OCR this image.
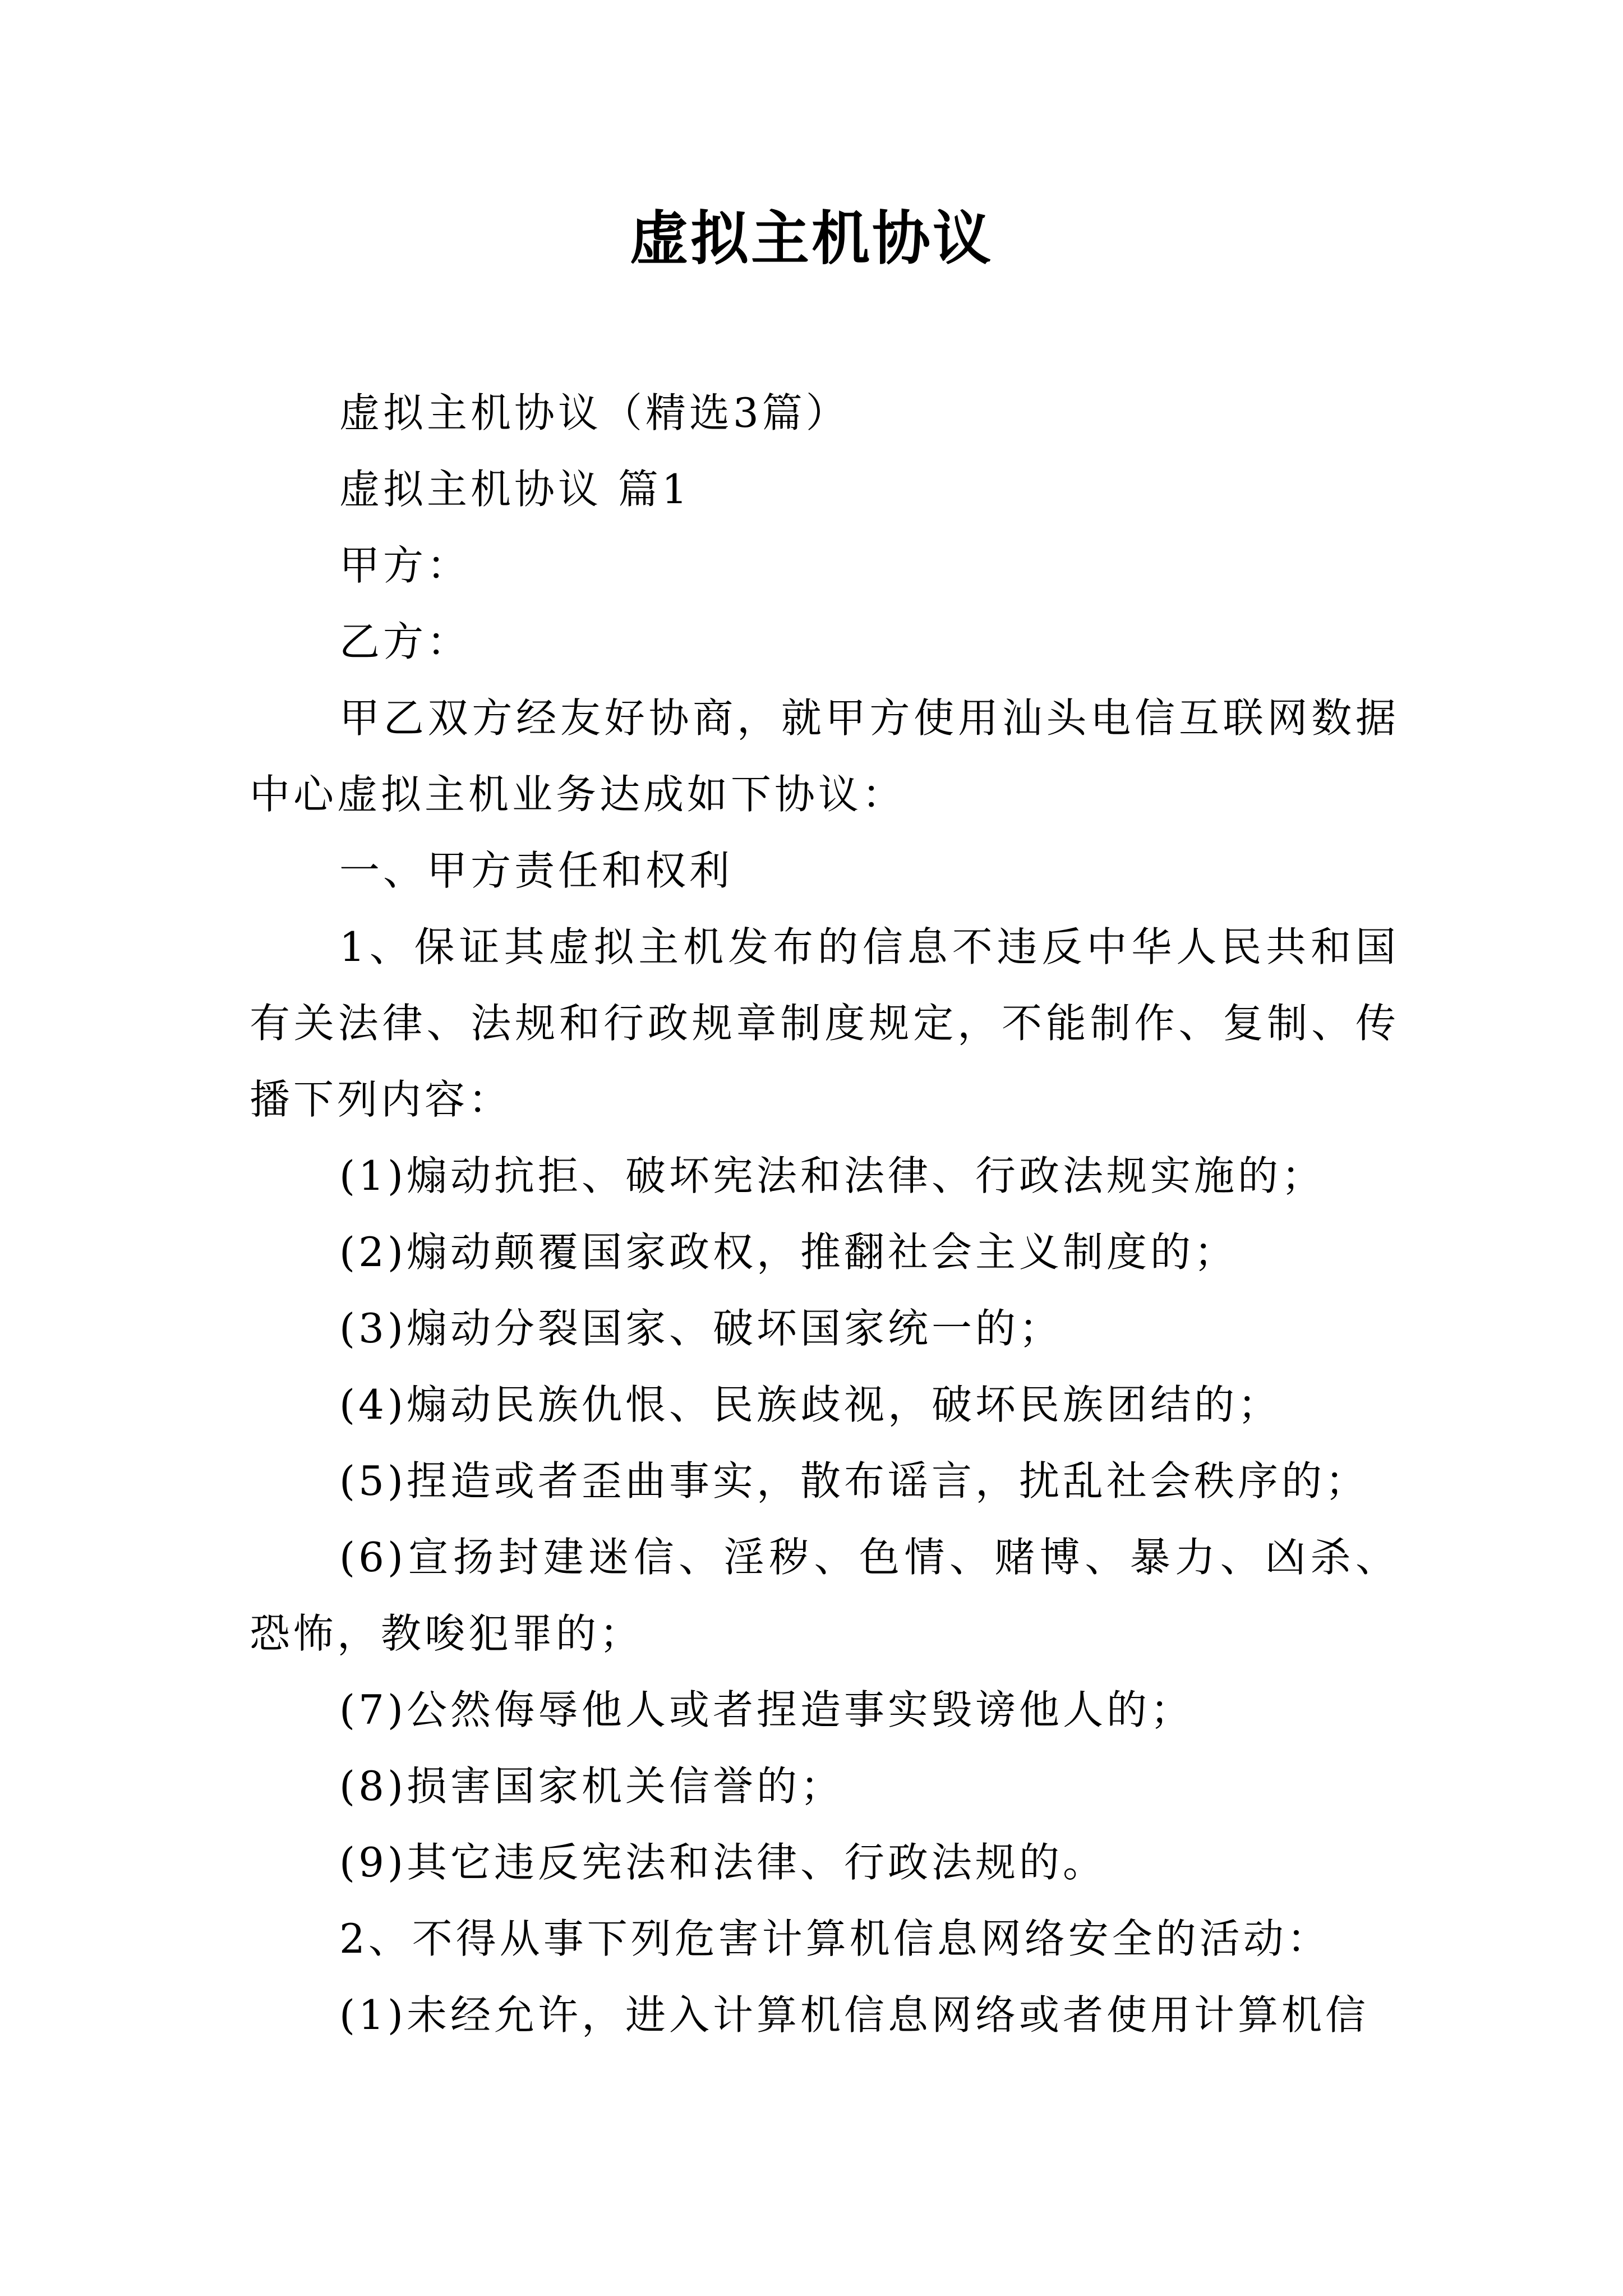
虚拟主机协议

虚拟主机协议（精选3篇）

虚拟主机协议 篇1

甲方：

乙方：

甲乙双方经友好协商，就甲方使用汕头电信互联网数据中心虚拟主机业务达成如下协议：

一、甲方责任和权利

1、保证其虚拟主机发布的信息不违反中华人民共和国有关法律、法规和行政规章制度规定，不能制作、复制、传播下列内容：

(1)煽动抗拒、破坏宪法和法律、行政法规实施的；

(2)煽动颠覆国家政权，推翻社会主义制度的；

(3)煽动分裂国家、破坏国家统一的；

(4)煽动民族仇恨、民族歧视，破坏民族团结的；

(5)捏造或者歪曲事实，散布谣言，扰乱社会秩序的；

(6)宣扬封建迷信、淫秽、色情、赌博、暴力、凶杀、恐怖，教唆犯罪的；

(7)公然侮辱他人或者捏造事实毁谤他人的；

(8)损害国家机关信誉的；

(9)其它违反宪法和法律、行政法规的。

2、不得从事下列危害计算机信息网络安全的活动：

(1)未经允许，进入计算机信息网络或者使用计算机信
